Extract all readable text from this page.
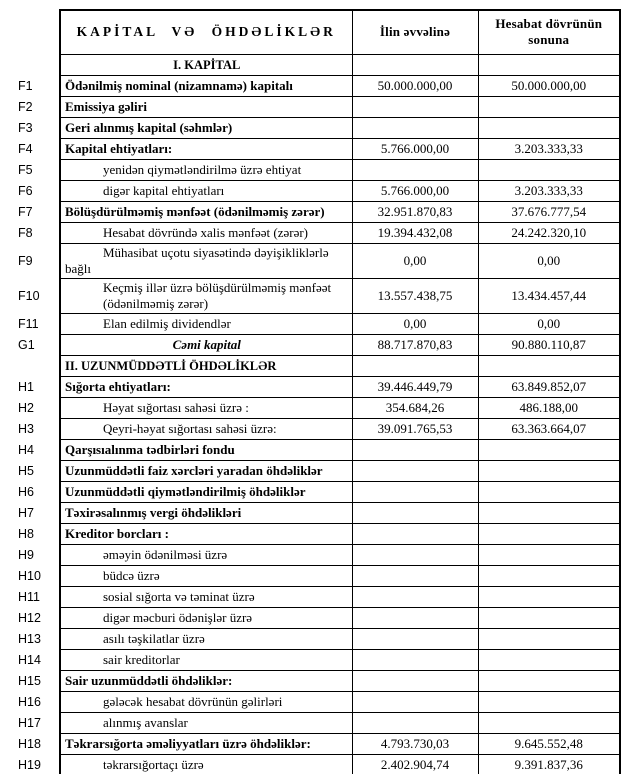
	KAPİTAL VƏ ÖHDƏLİKLƏR	İlin əvvəlinə	Hesabat dövrünün sonuna
	I. KAPİTAL		
F1	Ödənilmiş nominal (nizamnamə) kapitalı	50.000.000,00	50.000.000,00
F2	Emissiya gəliri		
F3	Geri alınmış kapital (səhmlər)		
F4	Kapital ehtiyatları:	5.766.000,00	3.203.333,33
F5	yenidən qiymətləndirilmə üzrə ehtiyat		
F6	digər kapital ehtiyatları	5.766.000,00	3.203.333,33
F7	Bölüşdürülməmiş mənfəət (ödənilməmiş zərər)	32.951.870,83	37.676.777,54
F8	Hesabat dövründə xalis mənfəət (zərər)	19.394.432,08	24.242.320,10
F9	Mühasibat uçotu siyasətində dəyişikliklərlə bağlı	0,00	0,00
F10	Keçmiş illər üzrə bölüşdürülməmiş mənfəət (ödənilməmiş zərər)	13.557.438,75	13.434.457,44
F11	Elan edilmiş dividendlər	0,00	0,00
G1	Cəmi kapital	88.717.870,83	90.880.110,87
	II. UZUNMÜDDƏTLİ ÖHDƏLİKLƏR		
H1	Sığorta ehtiyatları:	39.446.449,79	63.849.852,07
H2	Həyat sığortası sahəsi üzrə :	354.684,26	486.188,00
H3	Qeyri-həyat sığortası sahəsi üzrə:	39.091.765,53	63.363.664,07
H4	Qarşısıalınma tədbirləri fondu		
H5	Uzunmüddətli faiz xərcləri yaradan öhdəliklər		
H6	Uzunmüddətli qiymətləndirilmiş öhdəliklər		
H7	Təxirəsalınmış vergi öhdəlikləri		
H8	Kreditor borcları :		
H9	əməyin ödənilməsi üzrə		
H10	büdcə üzrə		
H11	sosial sığorta və təminat üzrə		
H12	digər məcburi ödənişlər üzrə		
H13	asılı təşkilatlar üzrə		
H14	sair kreditorlar		
H15	Sair uzunmüddətli öhdəliklər:		
H16	gələcək hesabat dövrünün gəlirləri		
H17	alınmış avanslar		
H18	Təkrarsığorta əməliyyatları üzrə öhdəliklər:	4.793.730,03	9.645.552,48
H19	təkrarsığortaçı üzrə	2.402.904,74	9.391.837,36
